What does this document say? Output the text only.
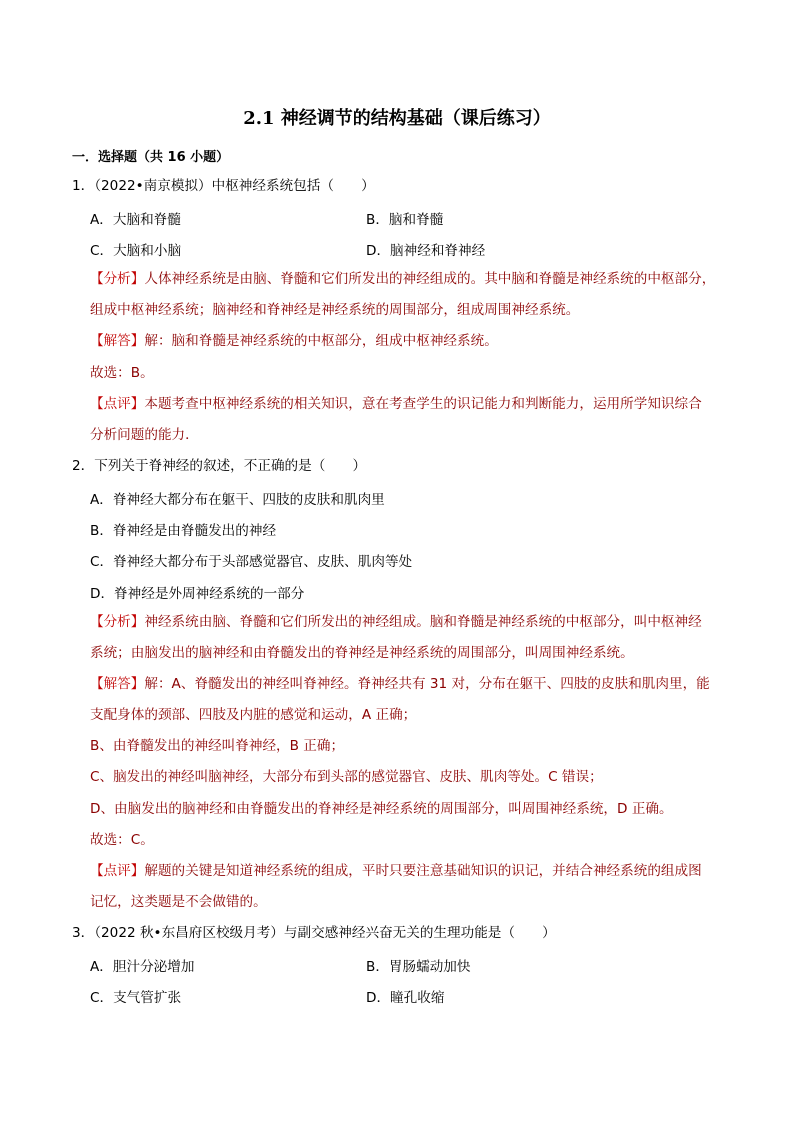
2.1 神经调节的结构基础（课后练习）
一．选择题（共 16 小题）
1．（2022•南京模拟）中枢神经系统包括（　　）
A．大脑和脊髓	B．脑和脊髓
C．大脑和小脑	D．脑神经和脊神经
【分析】人体神经系统是由脑、脊髓和它们所发出的神经组成的。其中脑和脊髓是神经系统的中枢部分，
组成中枢神经系统；脑神经和脊神经是神经系统的周围部分，组成周围神经系统。
【解答】解：脑和脊髓是神经系统的中枢部分，组成中枢神经系统。
故选：B。
【点评】本题考查中枢神经系统的相关知识，意在考查学生的识记能力和判断能力，运用所学知识综合
分析问题的能力．
2．下列关于脊神经的叙述，不正确的是（　　）
A．脊神经大都分布在躯干、四肢的皮肤和肌肉里
B．脊神经是由脊髓发出的神经
C．脊神经大都分布于头部感觉器官、皮肤、肌肉等处
D．脊神经是外周神经系统的一部分
【分析】神经系统由脑、脊髓和它们所发出的神经组成。脑和脊髓是神经系统的中枢部分，叫中枢神经
系统；由脑发出的脑神经和由脊髓发出的脊神经是神经系统的周围部分，叫周围神经系统。
【解答】解：A、脊髓发出的神经叫脊神经。脊神经共有 31 对，分布在躯干、四肢的皮肤和肌肉里，能
支配身体的颈部、四肢及内脏的感觉和运动，A 正确；
B、由脊髓发出的神经叫脊神经，B 正确；
C、脑发出的神经叫脑神经，大部分布到头部的感觉器官、皮肤、肌肉等处。C 错误；
D、由脑发出的脑神经和由脊髓发出的脊神经是神经系统的周围部分，叫周围神经系统，D 正确。
故选：C。
【点评】解题的关键是知道神经系统的组成，平时只要注意基础知识的识记，并结合神经系统的组成图
记忆，这类题是不会做错的。
3．（2022 秋•东昌府区校级月考）与副交感神经兴奋无关的生理功能是（　　）
A．胆汁分泌增加	B．胃肠蠕动加快
C．支气管扩张	D．瞳孔收缩
